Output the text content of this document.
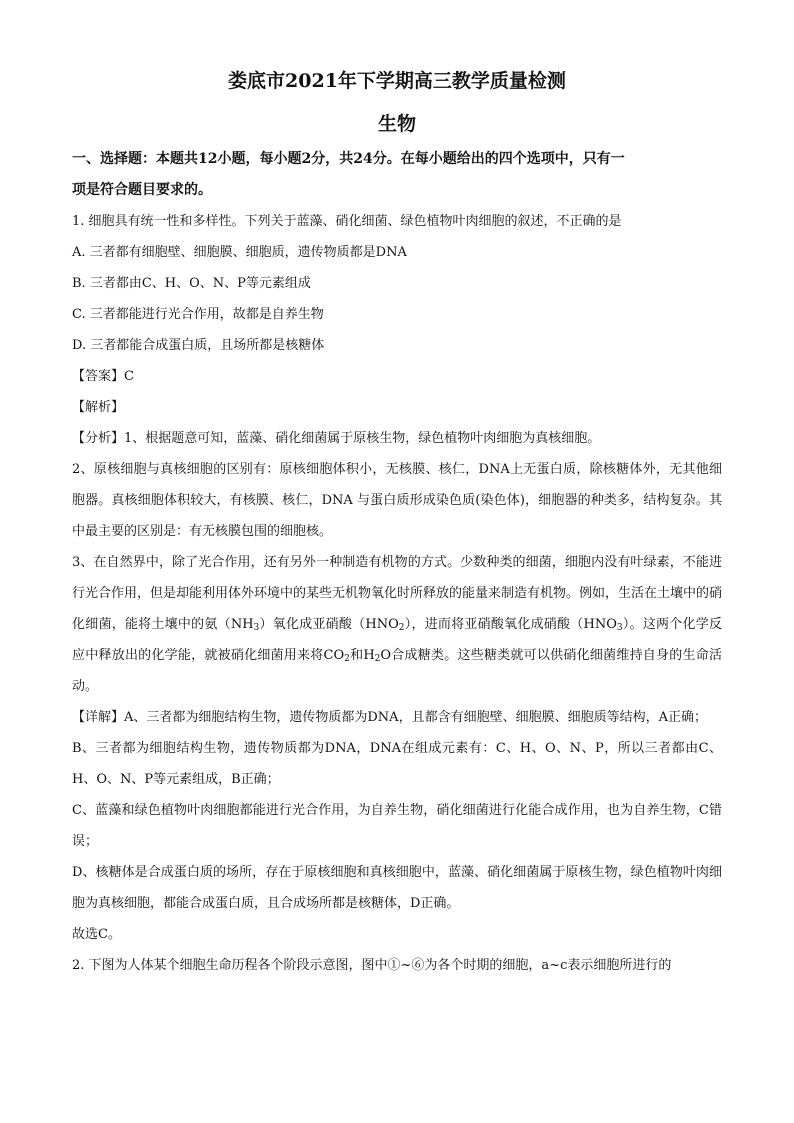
娄底市2021年下学期高三教学质量检测
生物

一、选择题：本题共12小题，每小题2分，共24分。在每小题给出的四个选项中，只有一

项是符合题目要求的。

1. 细胞具有统一性和多样性。下列关于蓝藻、硝化细菌、绿色植物叶肉细胞的叙述，不正确的是

A. 三者都有细胞壁、细胞膜、细胞质，遗传物质都是DNA

B. 三者都由C、H、O、N、P等元素组成

C. 三者都能进行光合作用，故都是自养生物

D. 三者都能合成蛋白质，且场所都是核糖体

【答案】C

【解析】

【分析】1、根据题意可知，蓝藻、硝化细菌属于原核生物，绿色植物叶肉细胞为真核细胞。

2、原核细胞与真核细胞的区别有：原核细胞体积小，无核膜、核仁，DNA上无蛋白质，除核糖体外，无其他细胞器。真核细胞体积较大，有核膜、核仁，DNA 与蛋白质形成染色质(染色体)，细胞器的种类多，结构复杂。其中最主要的区别是：有无核膜包围的细胞核。

3、在自然界中，除了光合作用，还有另外一种制造有机物的方式。少数种类的细菌，细胞内没有叶绿素，不能进行光合作用，但是却能利用体外环境中的某些无机物氧化时所释放的能量来制造有机物。例如，生活在土壤中的硝化细菌，能将土壤中的氨$(NH_3)$氧化成亚硝酸$(HNO_2)$，进而将亚硝酸氧化成硝酸$(HNO_3)$。这两个化学反应中释放出的化学能，就被硝化细菌用来将$CO_2$和$H_2O$合成糖类。这些糖类就可以供硝化细菌维持自身的生命活动。

【详解】A、三者都为细胞结构生物，遗传物质都为DNA，且都含有细胞壁、细胞膜、细胞质等结构，A正确；

B、三者都为细胞结构生物，遗传物质都为DNA，DNA在组成元素有：C、H、O、N、P，所以三者都由C、H、O、N、P等元素组成，B正确；

C、蓝藻和绿色植物叶肉细胞都能进行光合作用，为自养生物，硝化细菌进行化能合成作用，也为自养生物，C错误；

D、核糖体是合成蛋白质的场所，存在于原核细胞和真核细胞中，蓝藻、硝化细菌属于原核生物，绿色植物叶肉细胞为真核细胞，都能合成蛋白质，且合成场所都是核糖体，D正确。

故选C。

2. 下图为人体某个细胞生命历程各个阶段示意图，图中①~⑥为各个时期的细胞，a~c表示细胞所进行的
